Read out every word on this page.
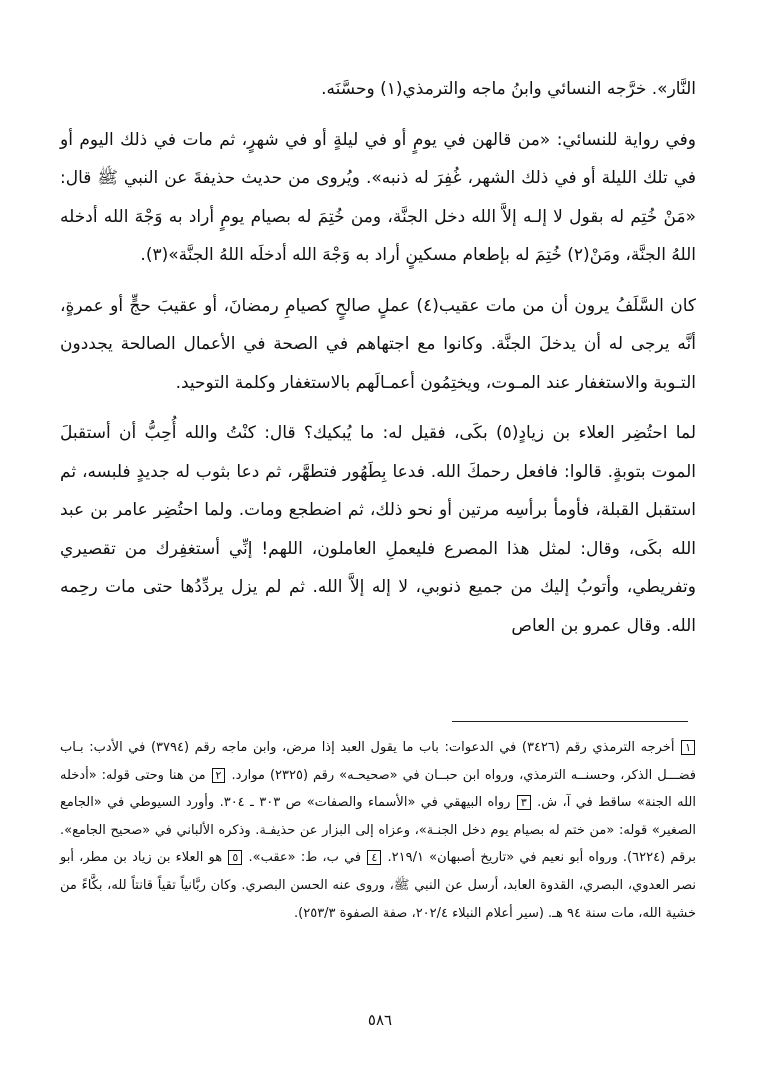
النَّار». خرَّجه النسائي وابنُ ماجه والترمذي(١) وحسَّنَه.

وفي رواية للنسائي: «من قالهن في يومٍ أو في ليلةٍ أو في شهرٍ، ثم مات في ذلك اليوم أو في تلك الليلة أو في ذلك الشهر، غُفِرَ له ذنبه». ويُروى من حديث حذيفةَ عن النبي ﷺ قال: «مَنْ خُتِم له بقول لا إلـه إلاَّ الله دخل الجنَّة، ومن خُتِمَ له بصيام يومٍ أراد به وَجْهَ الله أدخله اللهُ الجنَّة، ومَنْ(٢) خُتِمَ له بإطعام مسكينٍ أراد به وَجْهَ الله أدخلَه اللهُ الجنَّة»(٣).

كان السَّلَفُ يرون أن من مات عقيب(٤) عملٍ صالحٍ كصيامِ رمضانَ، أو عقيبَ حجٍّ أو عمرةٍ، أنَّه يرجى له أن يدخلَ الجنَّة. وكانوا مع اجتهاهم في الصحة في الأعمال الصالحة يجددون التـوبة والاستغفار عند المـوت، ويختِمُون أعمـالَهم بالاستغفار وكلمة التوحيد.

لما احتُضِر العلاء بن زيادٍ(٥) بكَى، فقيل له: ما يُبكيك؟ قال: كنْتُ والله أُحِبُّ أن أستقبلَ الموت بتوبةٍ. قالوا: فافعل رحمكَ الله. فدعا بِطَهُور فتطهَّر، ثم دعا بثوب له جديدٍ فلبسه، ثم استقبل القبلة، فأومأ برأسِه مرتين أو نحو ذلك، ثم اضطجع ومات. ولما احتُضِر عامر بن عبد الله بكَى، وقال: لمثل هذا المصرع فليعملِ العاملون، اللهم! إنِّي أستغفِرك من تقصيري وتفريطي، وأتوبُ إليك من جميع ذنوبي، لا إله إلاَّ الله. ثم لم يزل يردِّدُها حتى مات رحِمه الله. وقال عمرو بن العاص

١ أخرجه الترمذي رقم (٣٤٢٦) في الدعوات: باب ما يقول العبد إذا مرض، وابن ماجه رقم (٣٧٩٤) في الأدب: بـاب فضـــل الذكر، وحسنــه الترمذي، ورواه ابن حبــان في «صحيحـه» رقم (٢٣٢٥) موارد. ٢ من هنا وحتى قوله: «أدخله الله الجنة» ساقط في آ، ش. ٣ رواه البيهقي في «الأسماء والصفات» ص ٣٠٣ ـ ٣٠٤. وأورد السيوطي في «الجامع الصغير» قوله: «من ختم له بصيام يوم دخل الجنـة»، وعزاه إلى البزار عن حذيفـة. وذكره الألباني في «صحيح الجامع». برقم (٦٢٢٤). ورواه أبو نعيم في «تاريخ أصبهان» ٢١٩/١. ٤ في ب، ط: «عقب». ٥ هو العلاء بن زياد بن مطر، أبو نصر العدوي، البصري، القدوة العابد، أرسل عن النبي ﷺ، وروى عنه الحسن البصري. وكان ربَّانياً تقياً قانتاً لله، بكَّاءً من خشية الله، مات سنة ٩٤ هـ. (سير أعلام النبلاء ٢٠٢/٤، صفة الصفوة ٢٥٣/٣).
٥٨٦
